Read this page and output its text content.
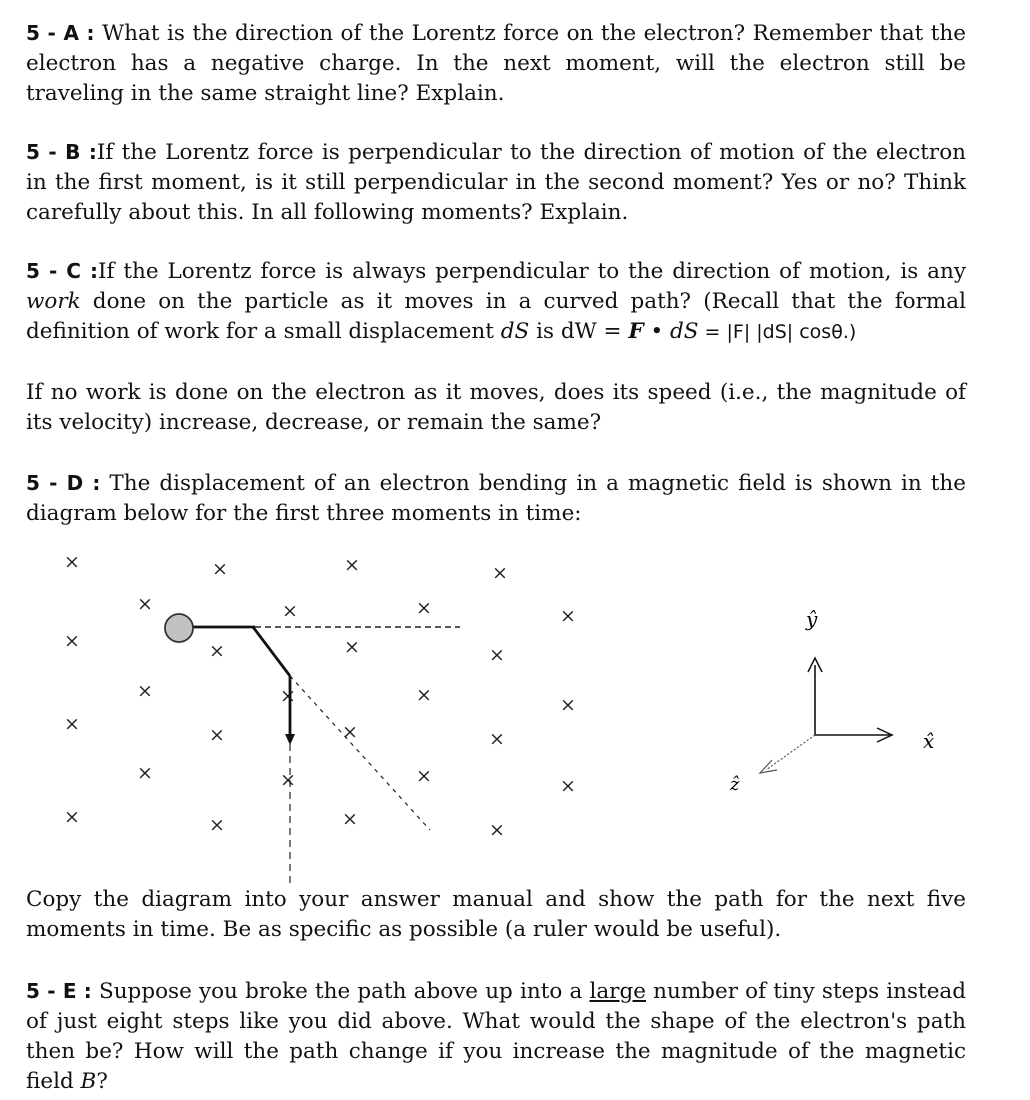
5 - A : What is the direction of the Lorentz force on the electron? Remember that the electron has a negative charge. In the next moment, will the electron still be traveling in the same straight line? Explain.

5 - B :If the Lorentz force is perpendicular to the direction of motion of the electron in the first moment, is it still perpendicular in the second moment? Yes or no? Think carefully about this. In all following moments? Explain.

5 - C :If the Lorentz force is always perpendicular to the direction of motion, is any work done on the particle as it moves in a curved path? (Recall that the formal definition of work for a small displacement dS is dW = F • dS = |F| |dS| cosθ.)

If no work is done on the electron as it moves, does its speed (i.e., the magnitude of its velocity) increase, decrease, or remain the same?

5 - D : The displacement of an electron bending in a magnetic field is shown in the diagram below for the first three moments in time:

×	×	×	×
×	×	×	×
×	×	×	×
×	×	×	×
×	×	×	×
×	×	×	×
×	×	×	×
ŷ
x̂
ẑ

Copy the diagram into your answer manual and show the path for the next five moments in time. Be as specific as possible (a ruler would be useful).

5 - E : Suppose you broke the path above up into a large number of tiny steps instead of just eight steps like you did above. What would the shape of the electron's path then be? How will the path change if you increase the magnitude of the magnetic field B?
